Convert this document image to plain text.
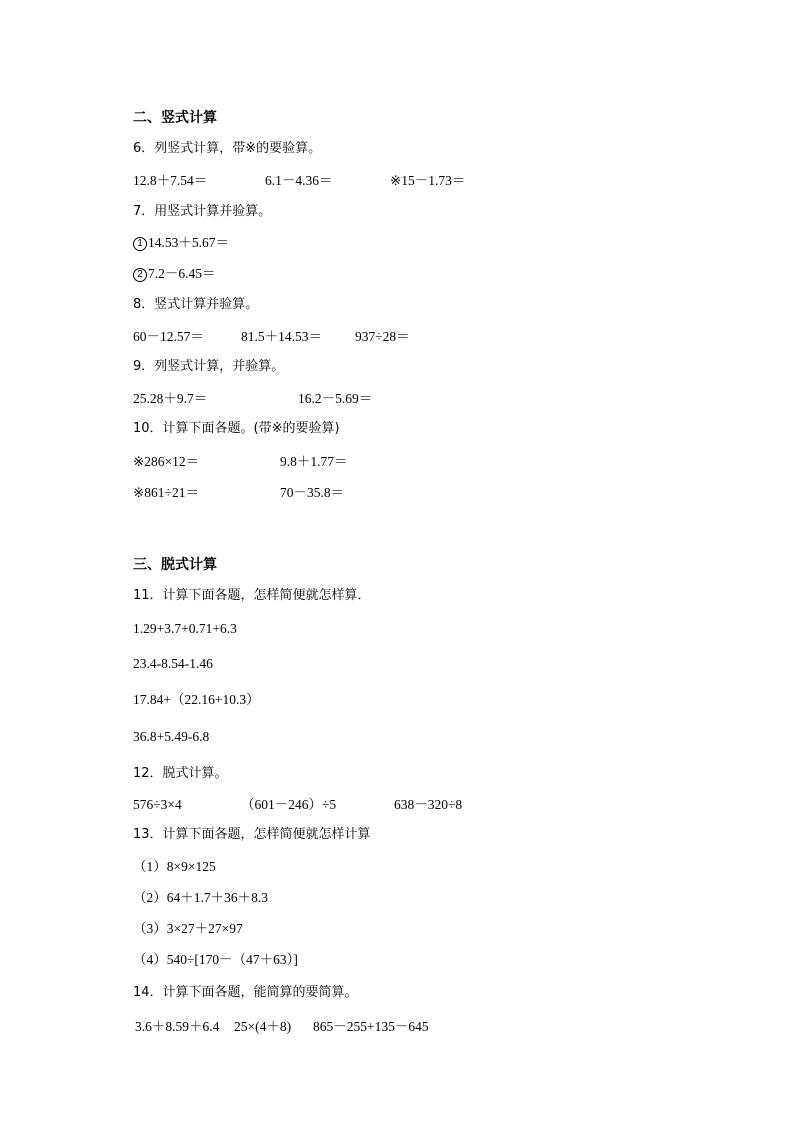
二、竖式计算
6．列竖式计算，带※的要验算。

12.8＋7.54＝

	6.1－4.36＝

	※15－1.73＝

7．用竖式计算并验算。
1 14.53＋5.67＝
2 7.2－6.45＝
8．竖式计算并验算。

60－12.57＝

	81.5＋14.53＝

937÷28＝

9．列竖式计算，并验算。

25.28＋9.7＝

	16.2－5.69＝

10．计算下面各题。(带※的要验算)

※286×12＝

	9.8＋1.77＝

※861÷21＝

	70－35.8＝

三、脱式计算
11．计算下面各题，怎样简便就怎样算．
1.29+3.7+0.71+6.3
23.4-8.54-1.46
17.84+（22.16+10.3）
36.8+5.49-6.8
12．脱式计算。

576÷3×4

	（601－246）÷5

	638－320÷8

13．计算下面各题，怎样简便就怎样计算
（1）8×9×125
（2）64＋1.7＋36＋8.3
（3）3×27＋27×97
（4）540÷[170－（47＋63）]
14．计算下面各题，能简算的要简算。

3.6＋8.59＋6.4

25×(4＋8)

865－255+135－645
